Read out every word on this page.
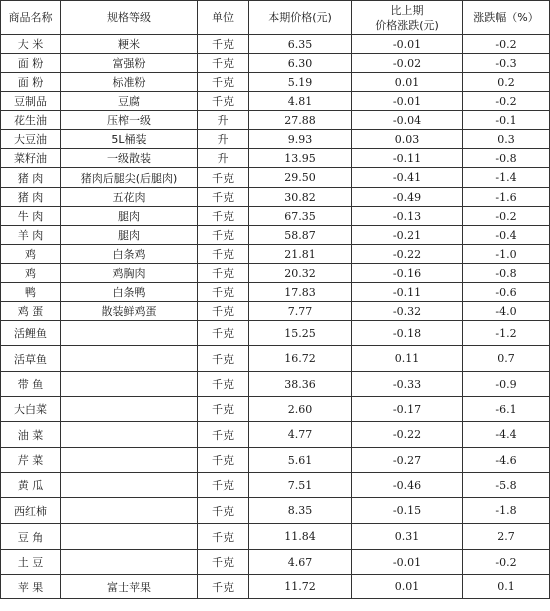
商品名称	规格等级	单位	本期价格(元)	比上期
价格涨跌(元)	涨跌幅（%）
大 米	粳米	千克	6.35	-0.01	-0.2
面 粉	富强粉	千克	6.30	-0.02	-0.3
面 粉	标准粉	千克	5.19	0.01	0.2
豆制品	豆腐	千克	4.81	-0.01	-0.2
花生油	压榨一级	升	27.88	-0.04	-0.1
大豆油	5L桶装	升	9.93	0.03	0.3
菜籽油	一级散装	升	13.95	-0.11	-0.8
猪 肉	猪肉后腿尖(后腿肉)	千克	29.50	-0.41	-1.4
猪 肉	五花肉	千克	30.82	-0.49	-1.6
牛 肉	腿肉	千克	67.35	-0.13	-0.2
羊 肉	腿肉	千克	58.87	-0.21	-0.4
鸡	白条鸡	千克	21.81	-0.22	-1.0
鸡	鸡胸肉	千克	20.32	-0.16	-0.8
鸭	白条鸭	千克	17.83	-0.11	-0.6
鸡 蛋	散装鲜鸡蛋	千克	7.77	-0.32	-4.0
活鲤鱼		千克	15.25	-0.18	-1.2
活草鱼		千克	16.72	0.11	0.7
带 鱼		千克	38.36	-0.33	-0.9
大白菜		千克	2.60	-0.17	-6.1
油 菜		千克	4.77	-0.22	-4.4
芹 菜		千克	5.61	-0.27	-4.6
黄 瓜		千克	7.51	-0.46	-5.8
西红柿		千克	8.35	-0.15	-1.8
豆 角		千克	11.84	0.31	2.7
土 豆		千克	4.67	-0.01	-0.2
苹 果	富士苹果	千克	11.72	0.01	0.1
